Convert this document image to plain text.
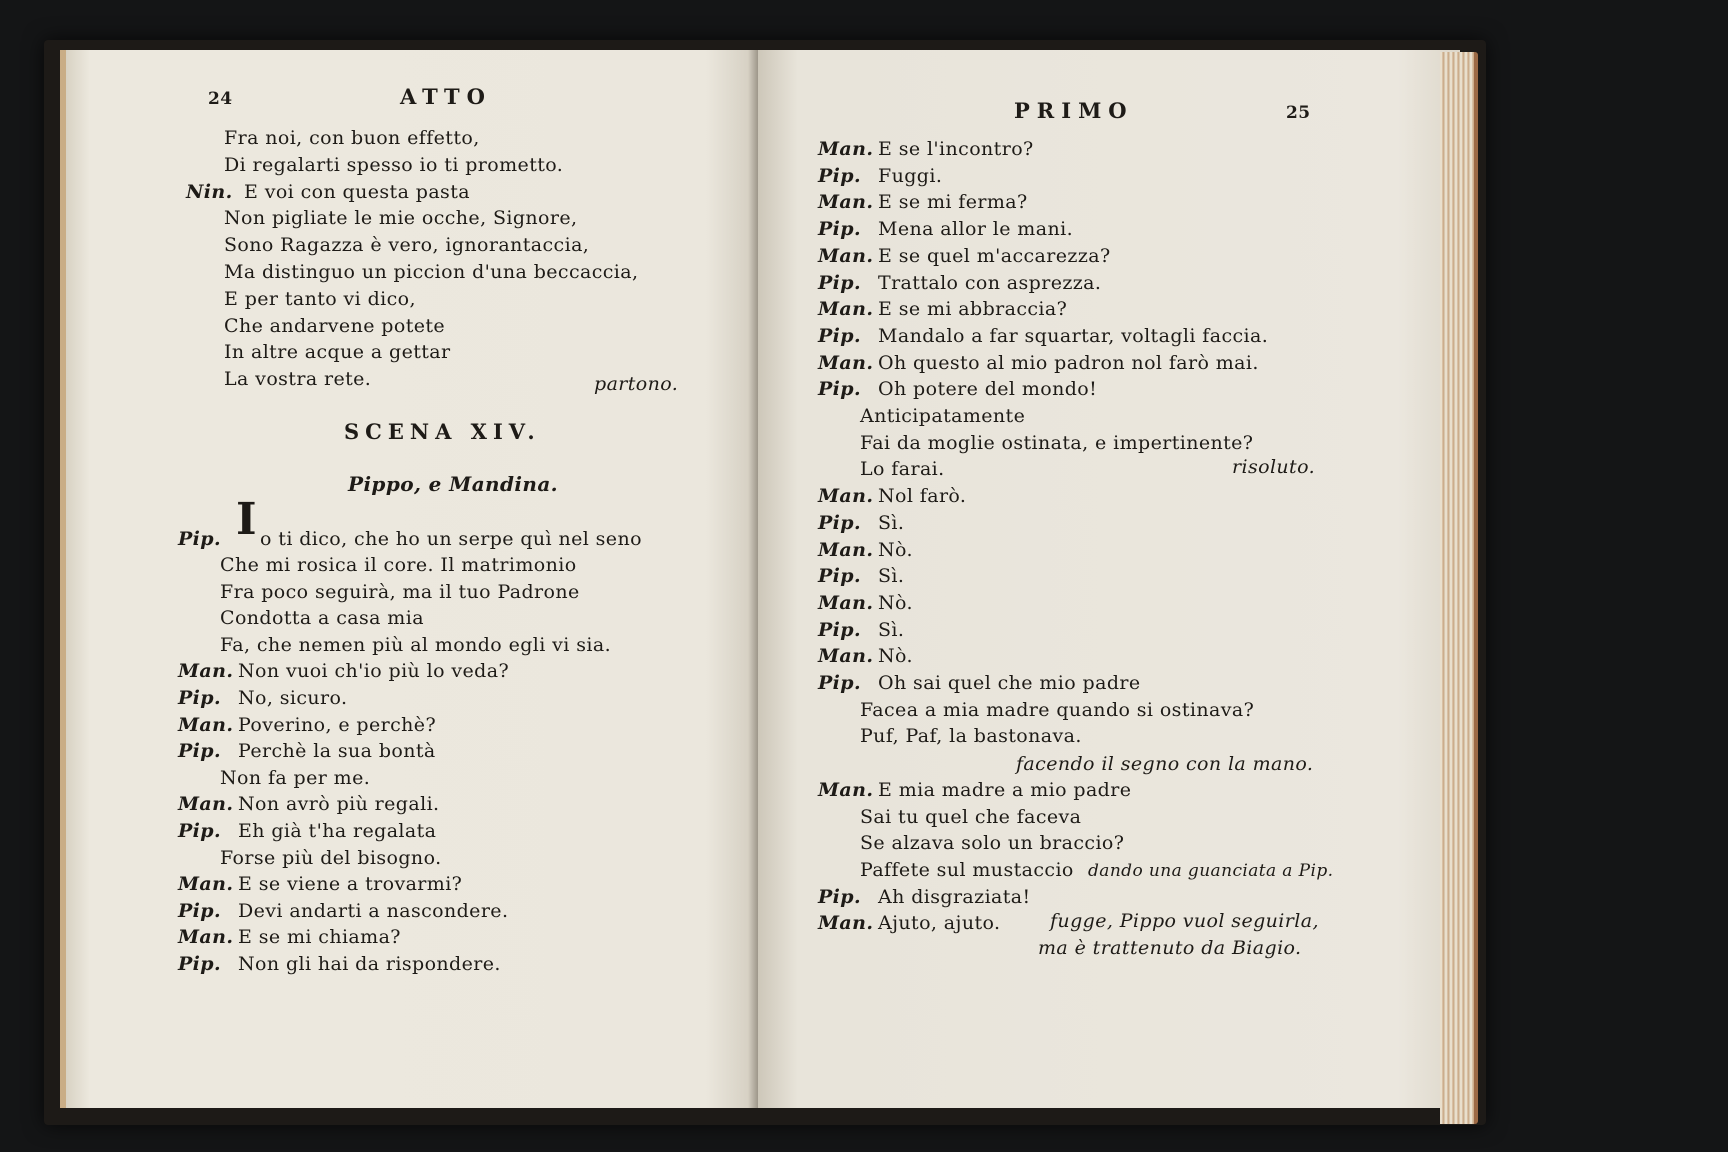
24	ATTO
Fra noi, con buon effetto,
Di regalarti spesso io ti prometto.
Nin. E voi con questa pasta
Non pigliate le mie ocche, Signore,
Sono Ragazza è vero, ignorantaccia,
Ma distinguo un piccion d'una beccaccia,
E per tanto vi dico,
Che andarvene potete
In altre acque a gettar
La vostra rete.	partono.
SCENA XIV.
Pippo, e Mandina.
Pip. I o ti dico, che ho un serpe quì nel seno
Che mi rosica il core. Il matrimonio
Fra poco seguirà, ma il tuo Padrone
Condotta a casa mia
Fa, che nemen più al mondo egli vi sia.
Man. Non vuoi ch'io più lo veda?
Pip. No, sicuro.
Man. Poverino, e perchè?
Pip. Perchè la sua bontà
Non fa per me.
Man. Non avrò più regali.
Pip. Eh già t'ha regalata
Forse più del bisogno.
Man. E se viene a trovarmi?
Pip. Devi andarti a nascondere.
Man. E se mi chiama?
Pip. Non gli hai da rispondere.
PRIMO	25
Man. E se l'incontro?
Pip. Fuggi.
Man. E se mi ferma?
Pip. Mena allor le mani.
Man. E se quel m'accarezza?
Pip. Trattalo con asprezza.
Man. E se mi abbraccia?
Pip. Mandalo a far squartar, voltagli faccia.
Man. Oh questo al mio padron nol farò mai.
Pip. Oh potere del mondo!
Anticipatamente
Fai da moglie ostinata, e impertinente?
Lo farai.
Man. Nol farò.
Pip. Sì.
Man. Nò.
Pip. Sì.
Man. Nò.
Pip. Sì.
Man. Nò.
Pip. Oh sai quel che mio padre
Facea a mia madre quando si ostinava?
Puf, Paf, la bastonava.
Man. E mia madre a mio padre
Sai tu quel che faceva
Se alzava solo un braccio?
Paffete sul mustaccio
Pip. Ah disgraziata!
Man. Ajuto, ajuto.
risoluto.
facendo il segno con la mano.
dando una guanciata a Pip.
fugge, Pippo vuol seguirla,
ma è trattenuto da Biagio.
